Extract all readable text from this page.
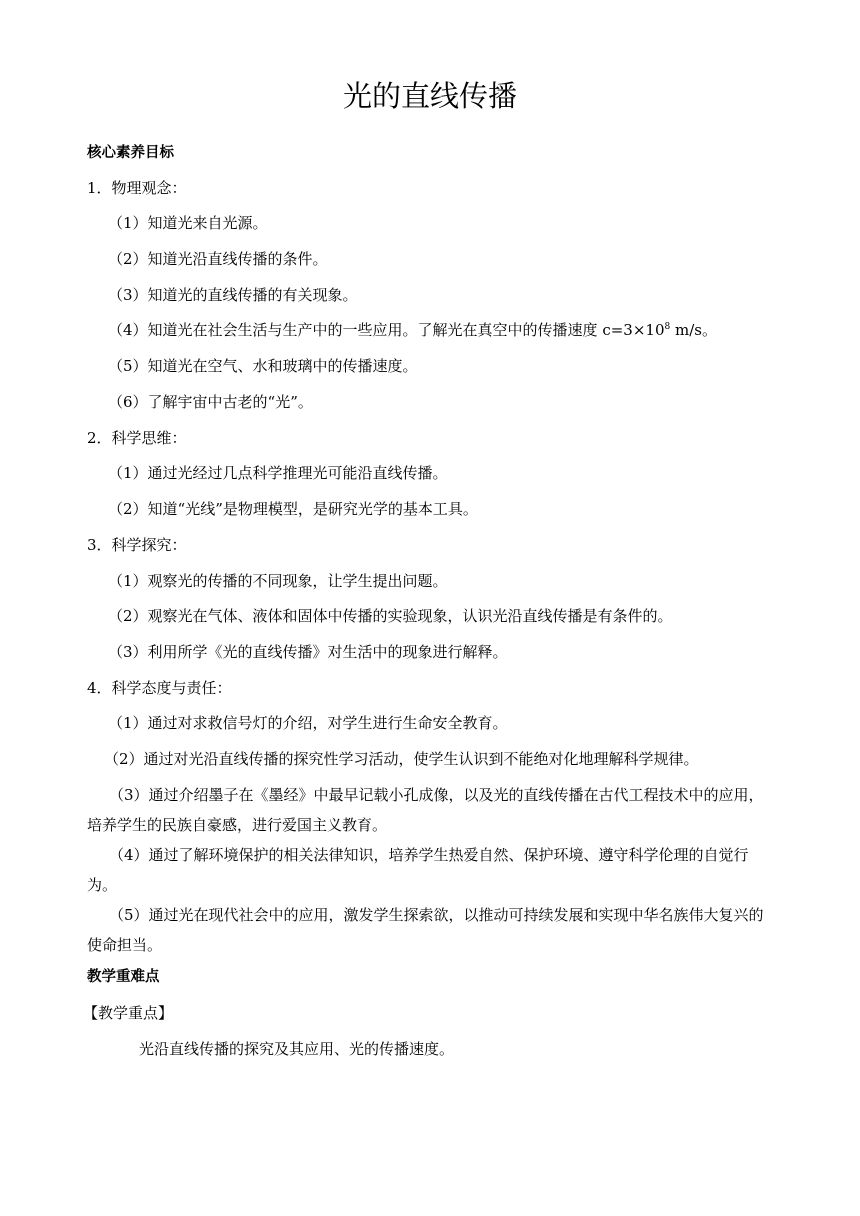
光的直线传播
核心素养目标
1．物理观念：
（1）知道光来自光源。
（2）知道光沿直线传播的条件。
（3）知道光的直线传播的有关现象。
（4）知道光在社会生活与生产中的一些应用。了解光在真空中的传播速度 $c=3\times 10^8$ m/s。
（5）知道光在空气、水和玻璃中的传播速度。
（6）了解宇宙中古老的“光”。
2．科学思维：
（1）通过光经过几点科学推理光可能沿直线传播。
（2）知道“光线”是物理模型，是研究光学的基本工具。
3．科学探究：
（1）观察光的传播的不同现象，让学生提出问题。
（2）观察光在气体、液体和固体中传播的实验现象，认识光沿直线传播是有条件的。
（3）利用所学《光的直线传播》对生活中的现象进行解释。
4．科学态度与责任：
（1）通过对求救信号灯的介绍，对学生进行生命安全教育。
（2）通过对光沿直线传播的探究性学习活动，使学生认识到不能绝对化地理解科学规律。
（3）通过介绍墨子在《墨经》中最早记载小孔成像，以及光的直线传播在古代工程技术中的应用，培养学生的民族自豪感，进行爱国主义教育。
（4）通过了解环境保护的相关法律知识，培养学生热爱自然、保护环境、遵守科学伦理的自觉行为。
（5）通过光在现代社会中的应用，激发学生探索欲，以推动可持续发展和实现中华名族伟大复兴的使命担当。
教学重难点
【教学重点】
光沿直线传播的探究及其应用、光的传播速度。
